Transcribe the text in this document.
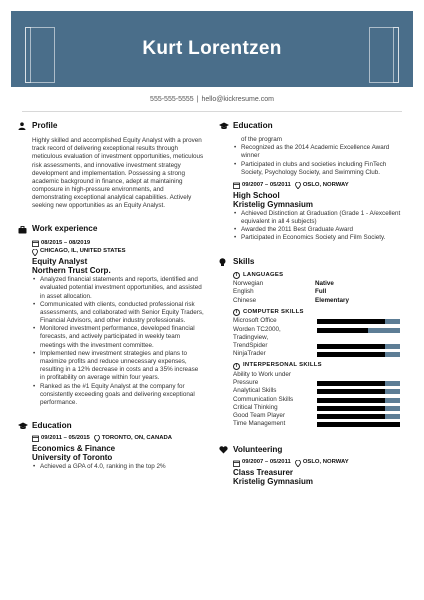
Kurt Lorentzen
555-555-5555 | hello@kickresume.com
Profile

Highly skilled and accomplished Equity Analyst with a proven track record of delivering exceptional results through meticulous evaluation of investment opportunities, meticulous risk assessments, and innovative investment strategy development and implementation. Possessing a strong academic background in finance, adept at maintaining composure in high-pressure environments, and demonstrating exceptional analytical capabilities. Actively seeking new opportunities as an Equity Analyst.

Work experience
08/2015 – 08/2019
CHICAGO, IL, UNITED STATES
Equity Analyst
Northern Trust Corp.
• Analyzed financial statements and reports, identified and evaluated potential investment opportunities, and assisted in asset allocation.
• Communicated with clients, conducted professional risk assessments, and collaborated with Senior Equity Traders, Financial Advisors, and other industry professionals.
• Monitored investment performance, developed financial forecasts, and actively participated in weekly team meetings with the investment committee.
• Implemented new investment strategies and plans to maximize profits and reduce unnecessary expenses, resulting in a 12% decrease in costs and a 35% increase in profitability on average within four years.
• Ranked as the #1 Equity Analyst at the company for consistently exceeding goals and delivering exceptional performance.
Education
09/2011 – 05/2015 TORONTO, ON, CANADA
Economics & Finance
University of Toronto
• Achieved a GPA of 4.0, ranking in the top 2%
Education
of the program
• Recognized as the 2014 Academic Excellence Award winner
• Participated in clubs and societies including FinTech Society, Psychology Society, and Swimming Club.
09/2007 – 05/2011 OSLO, NORWAY
High School
Kristelig Gymnasium
• Achieved Distinction at Graduation (Grade 1 - A/excellent equivalent in all 4 subjects)
• Awarded the 2011 Best Graduate Award
• Participated in Economics Society and Film Society.
Skills
i LANGUAGES
Norwegian	Native
English	Full
Chinese	Elementary
i COMPUTER SKILLS
Microsoft Office
Worden TC2000,
Tradingview,
TrendSpider
NinjaTrader
i INTERPERSONAL SKILLS
Ability to Work under
Pressure
Analytical Skills
Communication Skills
Critical Thinking
Good Team Player
Time Management
Volunteering
09/2007 – 05/2011 OSLO, NORWAY
Class Treasurer
Kristelig Gymnasium
